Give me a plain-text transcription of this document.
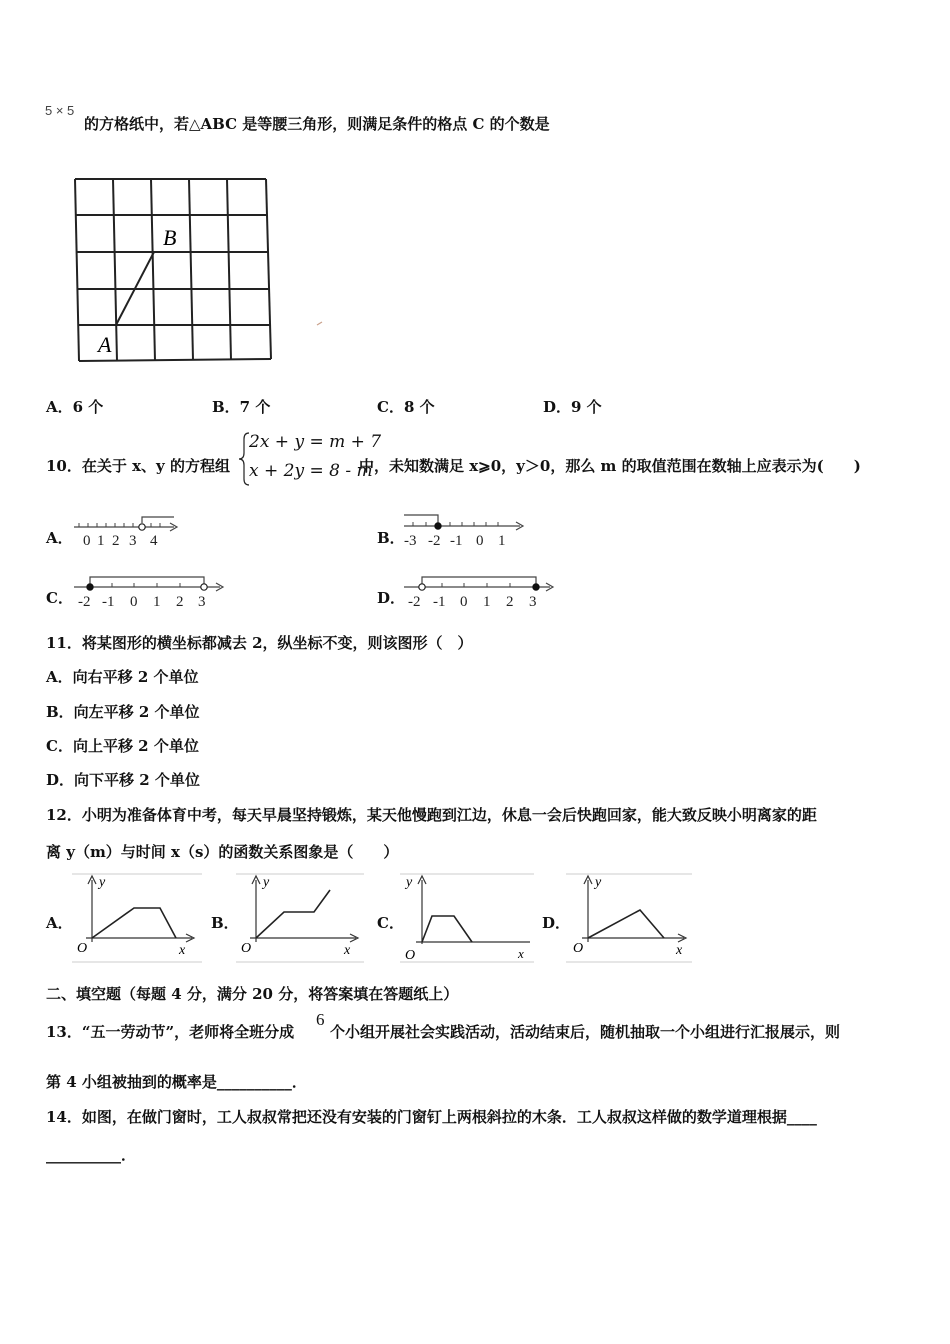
5 × 5
的方格纸中，若△ABC 是等腰三角形，则满足条件的格点 C 的个数是
A
B
A．6 个	B．7 个	C．8 个	D．9 个
10．在关于 x、y 的方程组
2x + y = m + 7
x + 2y = 8 - m
中，未知数满足 x⩾0，y＞0，那么 m 的取值范围在数轴上应表示为(　　)
A． 0 1 2 3 4	B． -3 -2 -1 0 1
C． -2 -1 0 1 2 3	D． -2 -1 0 1 2 3
11．将某图形的横坐标都减去 2，纵坐标不变，则该图形（　）
A．向右平移 2 个单位
B．向左平移 2 个单位
C．向上平移 2 个单位
D．向下平移 2 个单位
12．小明为准备体育中考，每天早晨坚持锻炼，某天他慢跑到江边，休息一会后快跑回家，能大致反映小明离家的距
离 y（m）与时间 x（s）的函数关系图象是（　　）
A．
y
x
O
B．
y
x
O
C．
y
x
O
D．
y
x
O
二、填空题（每题 4 分，满分 20 分，将答案填在答题纸上）
13．“五一劳动节”，老师将全班分成
6
个小组开展社会实践活动，活动结束后，随机抽取一个小组进行汇报展示，则
第 4 小组被抽到的概率是__________．
14．如图，在做门窗时，工人叔叔常把还没有安装的门窗钉上两根斜拉的木条．工人叔叔这样做的数学道理根据____
__________．
